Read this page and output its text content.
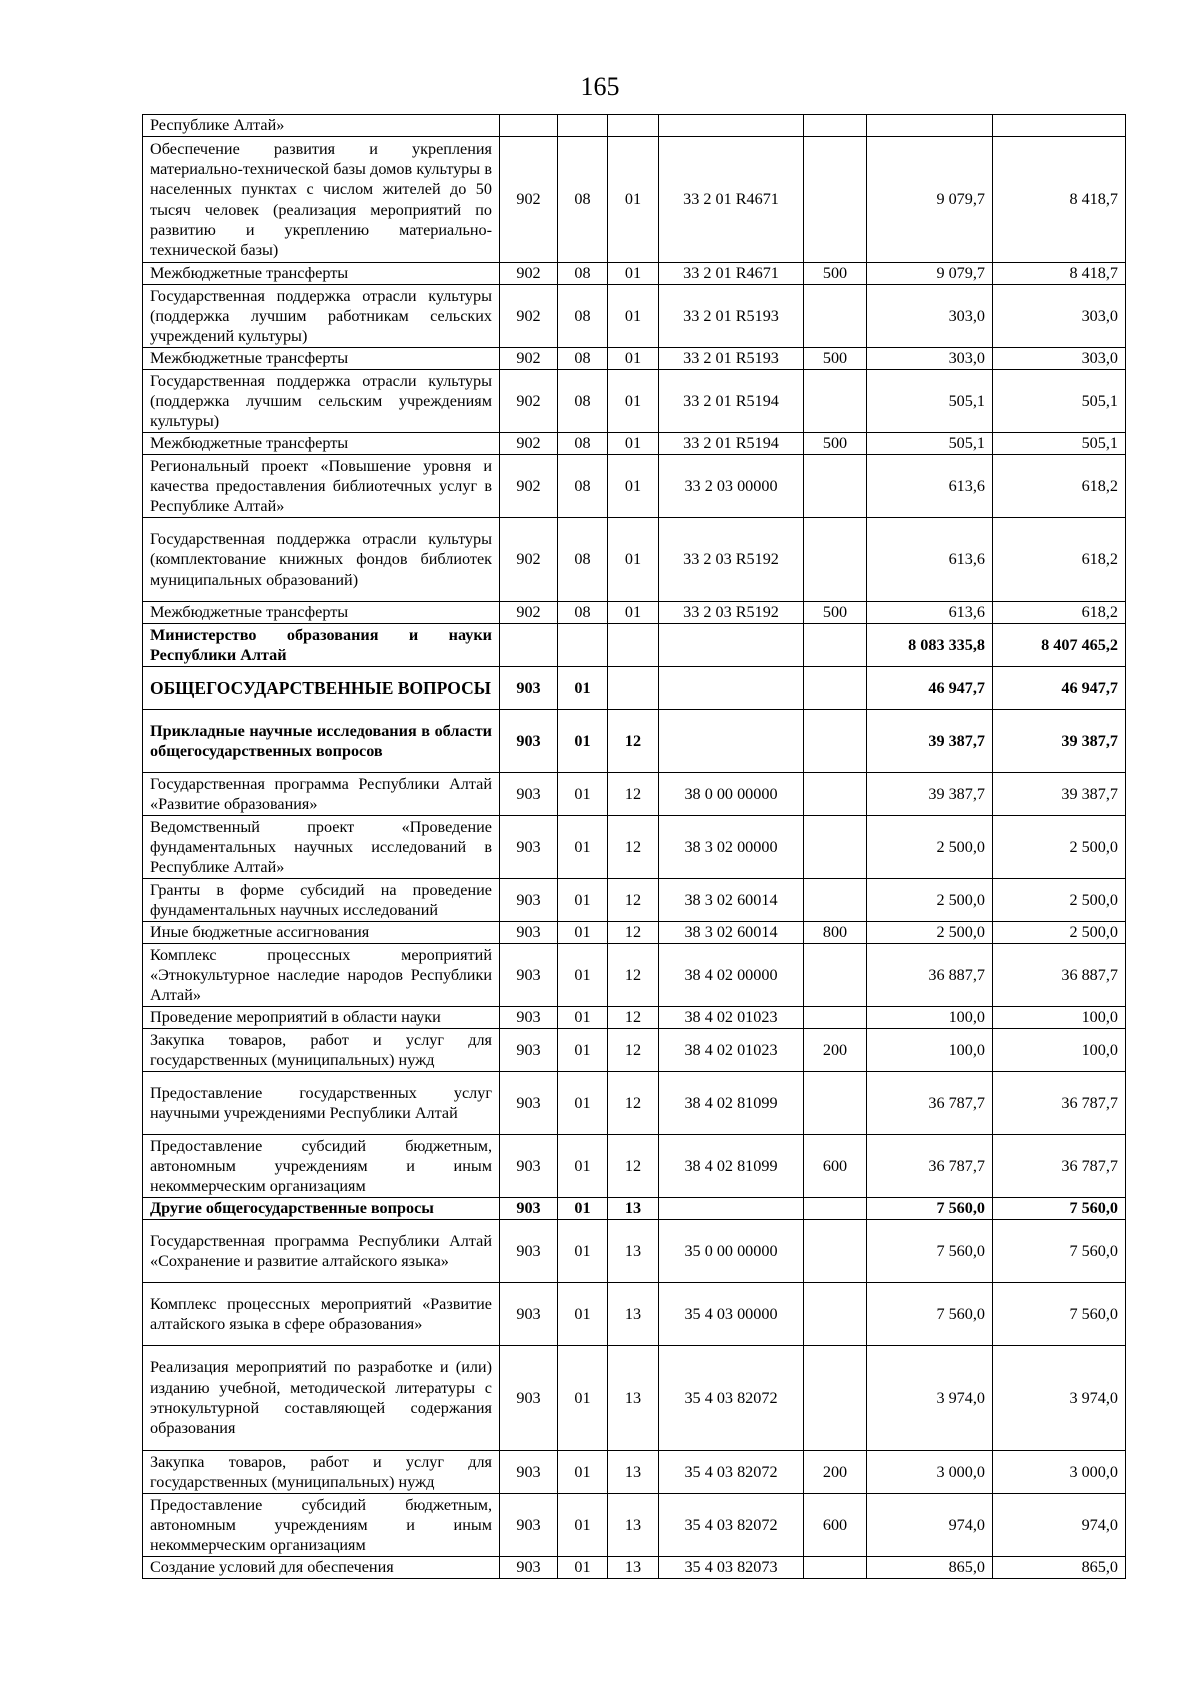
165
Республике Алтай»							
Обеспечение развития и укрепления материально-технической базы домов культуры в населенных пунктах с числом жителей до 50 тысяч человек (реализация мероприятий по развитию и укреплению материально-технической базы)	902	08	01	33 2 01 R4671		9 079,7	8 418,7
Межбюджетные трансферты	902	08	01	33 2 01 R4671	500	9 079,7	8 418,7
Государственная поддержка отрасли культуры (поддержка лучшим работникам сельских учреждений культуры)	902	08	01	33 2 01 R5193		303,0	303,0
Межбюджетные трансферты	902	08	01	33 2 01 R5193	500	303,0	303,0
Государственная поддержка отрасли культуры (поддержка лучшим сельским учреждениям культуры)	902	08	01	33 2 01 R5194		505,1	505,1
Межбюджетные трансферты	902	08	01	33 2 01 R5194	500	505,1	505,1
Региональный проект «Повышение уровня и качества предоставления библиотечных услуг в Республике Алтай»	902	08	01	33 2 03 00000		613,6	618,2
Государственная поддержка отрасли культуры (комплектование книжных фондов библиотек муниципальных образований)	902	08	01	33 2 03 R5192		613,6	618,2
Межбюджетные трансферты	902	08	01	33 2 03 R5192	500	613,6	618,2
Министерство образования и науки Республики Алтай						8 083 335,8	8 407 465,2
ОБЩЕГОСУДАРСТВЕННЫЕ ВОПРОСЫ	903	01				46 947,7	46 947,7
Прикладные научные исследования в области общегосударственных вопросов	903	01	12			39 387,7	39 387,7
Государственная программа Республики Алтай «Развитие образования»	903	01	12	38 0 00 00000		39 387,7	39 387,7
Ведомственный проект «Проведение фундаментальных научных исследований в Республике Алтай»	903	01	12	38 3 02 00000		2 500,0	2 500,0
Гранты в форме субсидий на проведение фундаментальных научных исследований	903	01	12	38 3 02 60014		2 500,0	2 500,0
Иные бюджетные ассигнования	903	01	12	38 3 02 60014	800	2 500,0	2 500,0
Комплекс процессных мероприятий «Этнокультурное наследие народов Республики Алтай»	903	01	12	38 4 02 00000		36 887,7	36 887,7
Проведение мероприятий в области науки	903	01	12	38 4 02 01023		100,0	100,0
Закупка товаров, работ и услуг для государственных (муниципальных) нужд	903	01	12	38 4 02 01023	200	100,0	100,0
Предоставление государственных услуг научными учреждениями Республики Алтай	903	01	12	38 4 02 81099		36 787,7	36 787,7
Предоставление субсидий бюджетным, автономным учреждениям и иным некоммерческим организациям	903	01	12	38 4 02 81099	600	36 787,7	36 787,7
Другие общегосударственные вопросы	903	01	13			7 560,0	7 560,0
Государственная программа Республики Алтай «Сохранение и развитие алтайского языка»	903	01	13	35 0 00 00000		7 560,0	7 560,0
Комплекс процессных мероприятий «Развитие алтайского языка в сфере образования»	903	01	13	35 4 03 00000		7 560,0	7 560,0
Реализация мероприятий по разработке и (или) изданию учебной, методической литературы с этнокультурной составляющей содержания образования	903	01	13	35 4 03 82072		3 974,0	3 974,0
Закупка товаров, работ и услуг для государственных (муниципальных) нужд	903	01	13	35 4 03 82072	200	3 000,0	3 000,0
Предоставление субсидий бюджетным, автономным учреждениям и иным некоммерческим организациям	903	01	13	35 4 03 82072	600	974,0	974,0
Создание условий для обеспечения	903	01	13	35 4 03 82073		865,0	865,0
